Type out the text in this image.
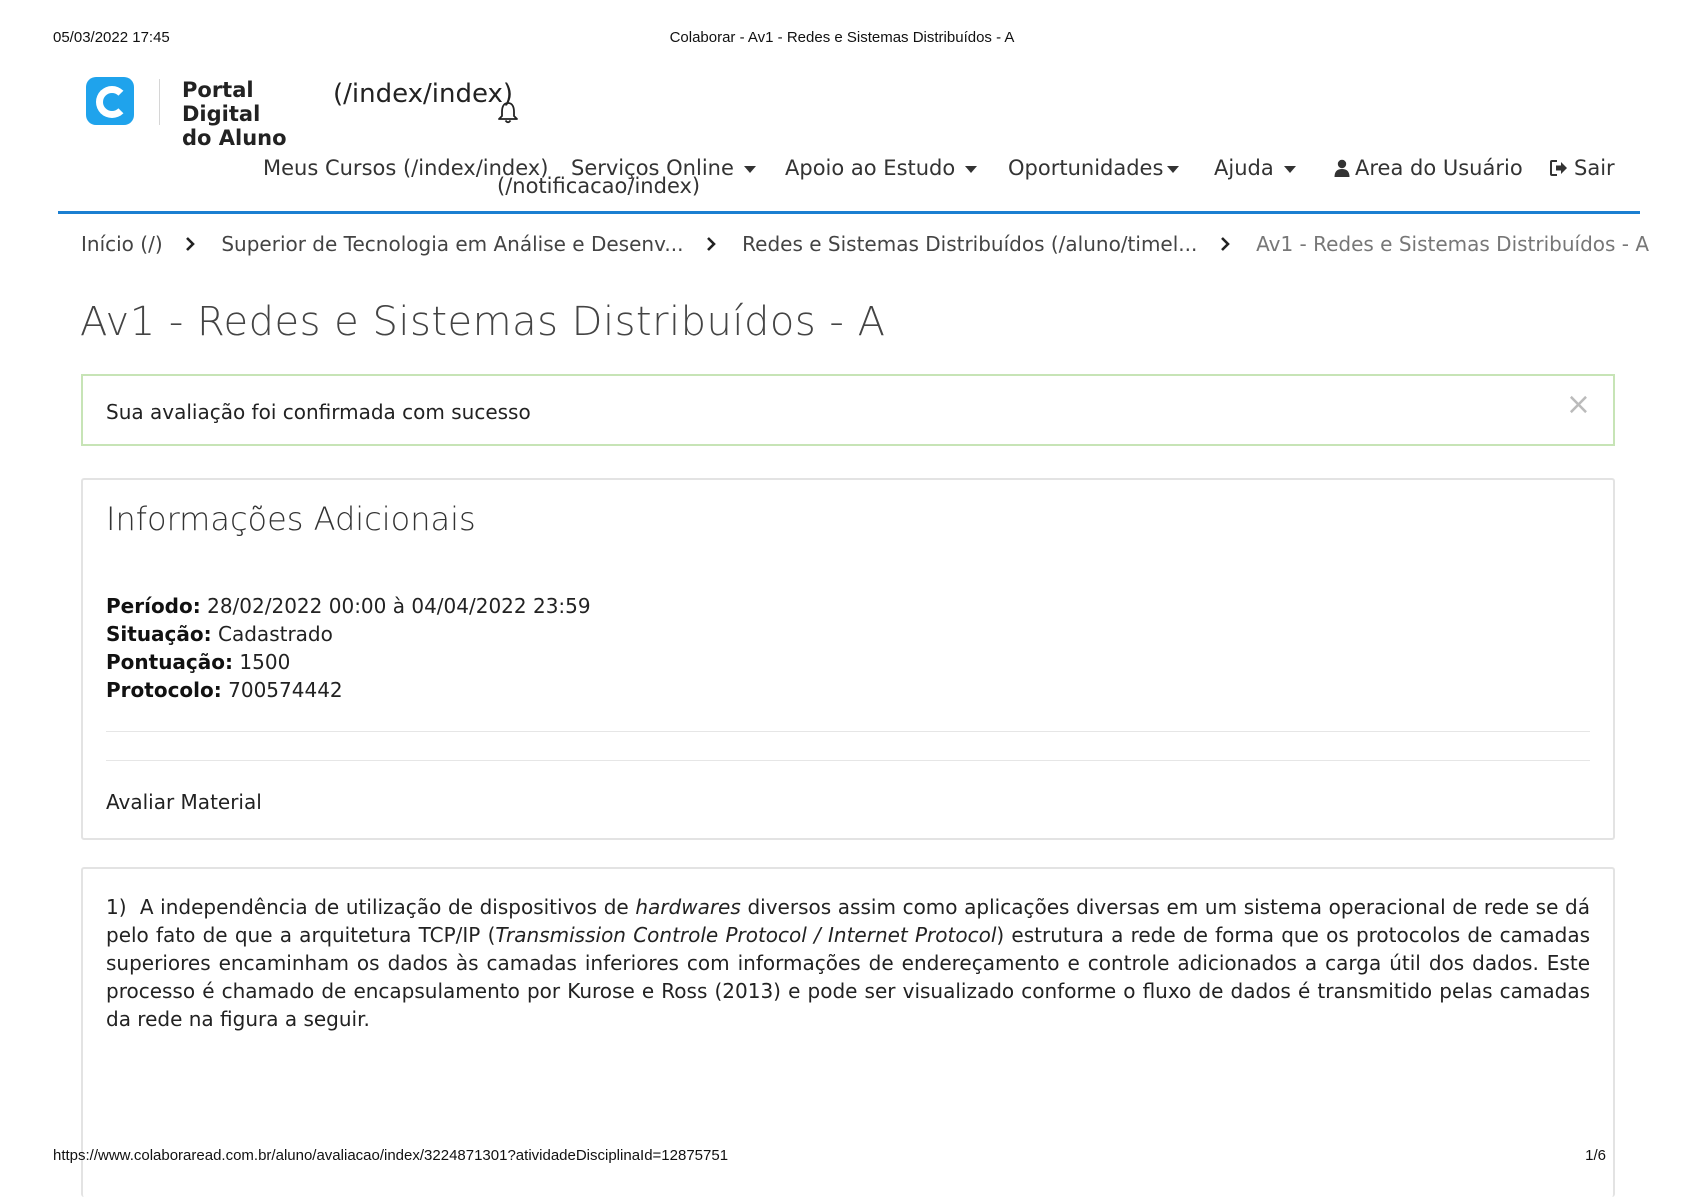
05/03/2022 17:45	Colaborar - Av1 - Redes e Sistemas Distribuídos - A
Portal Digital
do Aluno
(/index/index)
Meus Cursos (/index/index) Serviços Online	Apoio ao Estudo	Oportunidades	Ajuda	Area do Usuário	Sair
(/notificacao/index)
Início (/)	Superior de Tecnologia em Análise e Desenv...	Redes e Sistemas Distribuídos (/aluno/timel...	Av1 - Redes e Sistemas Distribuídos - A
Av1 - Redes e Sistemas Distribuídos - A
Sua avaliação foi confirmada com sucesso	×
Informações Adicionais
Período: 28/02/2022 00:00 à 04/04/2022 23:59
Situação: Cadastrado
Pontuação: 1500
Protocolo: 700574442
Avaliar Material
1) A independência de utilização de dispositivos de hardwares diversos assim como aplicações diversas em um sistema operacional de rede se dá pelo fato de que a arquitetura TCP/IP (Transmission Controle Protocol / Internet Protocol) estrutura a rede de forma que os protocolos de camadas superiores encaminham os dados às camadas inferiores com informações de endereçamento e controle adicionados a carga útil dos dados. Este processo é chamado de encapsulamento por Kurose e Ross (2013) e pode ser visualizado conforme o fluxo de dados é transmitido pelas camadas da rede na figura a seguir.
https://www.colaboraread.com.br/aluno/avaliacao/index/3224871301?atividadeDisciplinaId=12875751	1/6
